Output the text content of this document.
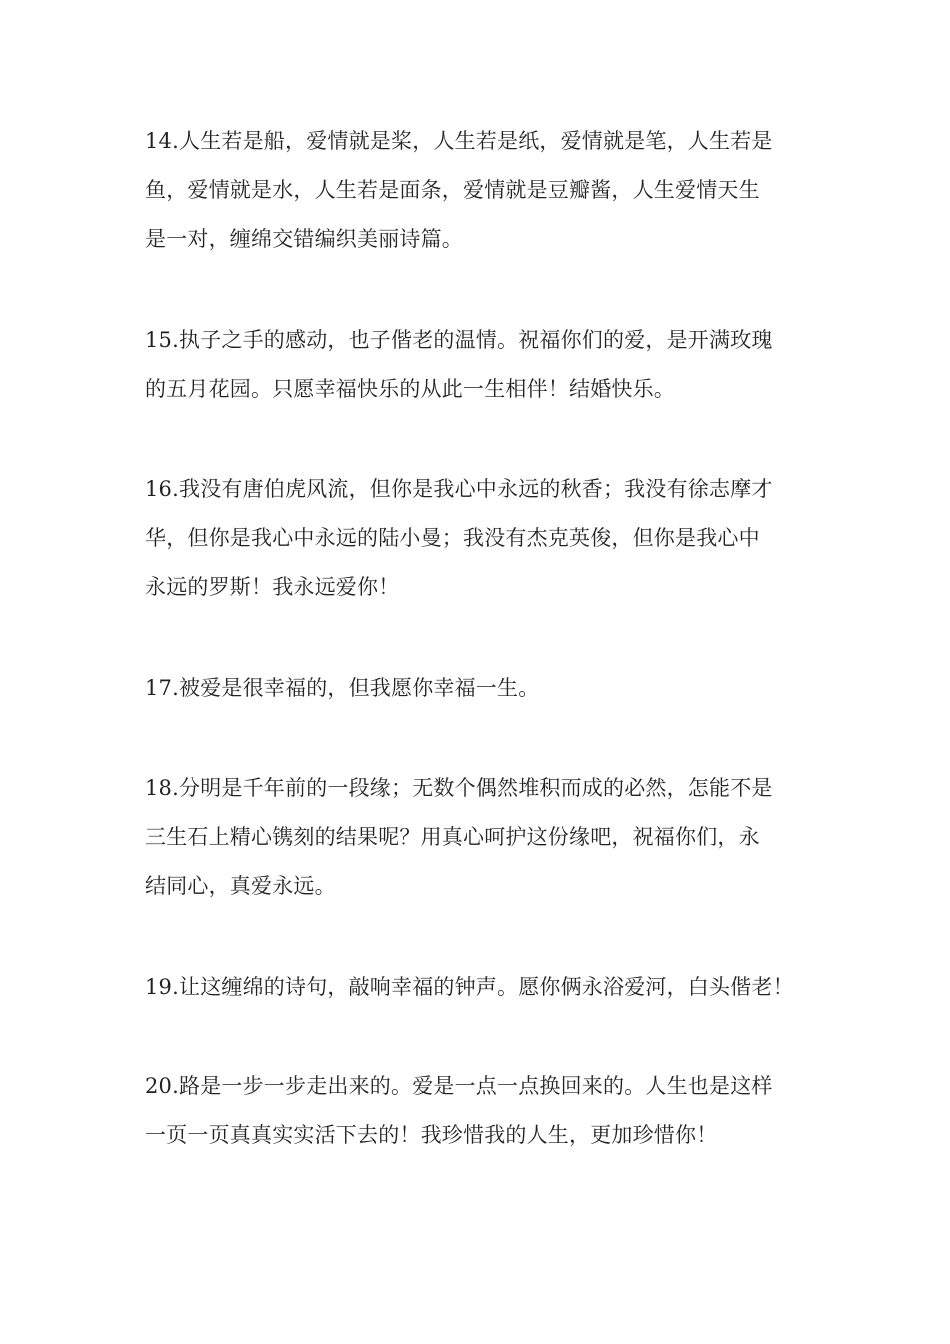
14.人生若是船，爱情就是桨，人生若是纸，爱情就是笔，人生若是
鱼，爱情就是水，人生若是面条，爱情就是豆瓣酱，人生爱情天生
是一对，缠绵交错编织美丽诗篇。

15.执子之手的感动，也子偕老的温情。祝福你们的爱，是开满玫瑰
的五月花园。只愿幸福快乐的从此一生相伴！结婚快乐。

16.我没有唐伯虎风流，但你是我心中永远的秋香；我没有徐志摩才
华，但你是我心中永远的陆小曼；我没有杰克英俊，但你是我心中
永远的罗斯！我永远爱你！

17.被爱是很幸福的，但我愿你幸福一生。

18.分明是千年前的一段缘；无数个偶然堆积而成的必然，怎能不是
三生石上精心镌刻的结果呢？用真心呵护这份缘吧，祝福你们，永
结同心，真爱永远。

19.让这缠绵的诗句，敲响幸福的钟声。愿你俩永浴爱河，白头偕老！

20.路是一步一步走出来的。爱是一点一点换回来的。人生也是这样
一页一页真真实实活下去的！我珍惜我的人生，更加珍惜你！
